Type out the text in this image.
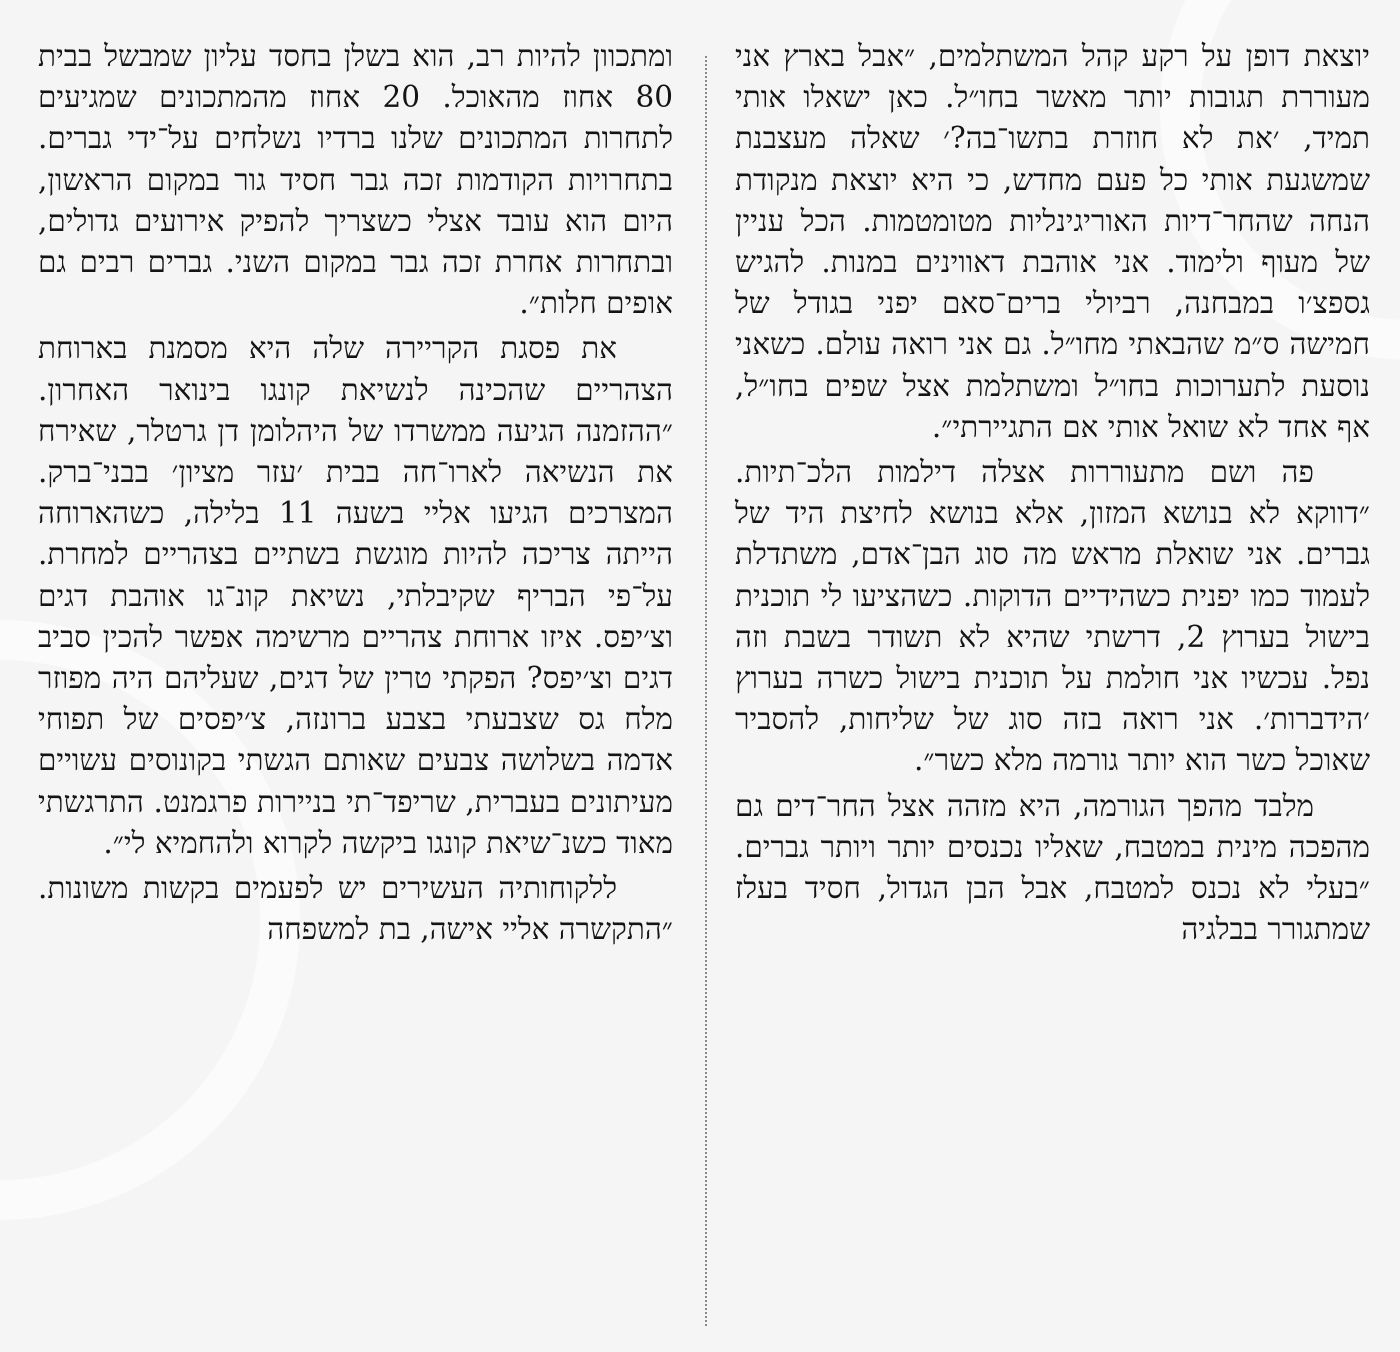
יוצאת דופן על רקע קהל המשתלמים, ״אבל בארץ אני מעוררת תגובות יותר מאשר בחו״ל. כאן ישאלו אותי תמיד, ׳את לא חוזרת בתשו־בה?׳ שאלה מעצבנת שמשגעת אותי כל פעם מחדש, כי היא יוצאת מנקודת הנחה שהחר־דיות האוריגינליות מטומטמות. הכל עניין של מעוף ולימוד. אני אוהבת דאווינים במנות. להגיש גספצ׳ו במבחנה, רביולי ברים־סאם יפני בגודל של חמישה ס״מ שהבאתי מחו״ל. גם אני רואה עולם. כשאני נוסעת לתערוכות בחו״ל ומשתלמת אצל שפים בחו״ל, אף אחד לא שואל אותי אם התגיירתי״.

פה ושם מתעוררות אצלה דילמות הלכ־תיות. ״דווקא לא בנושא המזון, אלא בנושא לחיצת היד של גברים. אני שואלת מראש מה סוג הבן־אדם, משתדלת לעמוד כמו יפנית כשהידיים הדוקות. כשהציעו לי תוכנית בישול בערוץ 2, דרשתי שהיא לא תשודר בשבת וזה נפל. עכשיו אני חולמת על תוכנית בישול כשרה בערוץ ׳הידברות׳. אני רואה בזה סוג של שליחות, להסביר שאוכל כשר הוא יותר גורמה מלא כשר״.

מלבד מהפך הגורמה, היא מזהה אצל החר־דים גם מהפכה מינית במטבח, שאליו נכנסים יותר ויותר גברים. ״בעלי לא נכנס למטבח, אבל הבן הגדול, חסיד בעלז שמתגורר בבלגיה

ומתכוון להיות רב, הוא בשלן בחסד עליון שמבשל בבית 80 אחוז מהאוכל. 20 אחוז מהמתכונים שמגיעים לתחרות המתכונים שלנו ברדיו נשלחים על־ידי גברים. בתחרויות הקודמות זכה גבר חסיד גור במקום הראשון, היום הוא עובד אצלי כשצריך להפיק אירועים גדולים, ובתחרות אחרת זכה גבר במקום השני. גברים רבים גם אופים חלות״.

את פסגת הקריירה שלה היא מסמנת בארוחת הצהריים שהכינה לנשיאת קונגו בינואר האחרון. ״ההזמנה הגיעה ממשרדו של היהלומן דן גרטלר, שאירח את הנשיאה לארו־חה בבית ׳עזר מציון׳ בבני־ברק. המצרכים הגיעו אליי בשעה 11 בלילה, כשהארוחה הייתה צריכה להיות מוגשת בשתיים בצהריים למחרת. על־פי הבריף שקיבלתי, נשיאת קונ־גו אוהבת דגים וצ׳יפס. איזו ארוחת צהריים מרשימה אפשר להכין סביב דגים וצ׳יפס? הפקתי טרין של דגים, שעליהם היה מפוזר מלח גס שצבעתי בצבע ברונזה, צ׳יפסים של תפוחי אדמה בשלושה צבעים שאותם הגשתי בקונוסים עשויים מעיתונים בעברית, שריפד־תי בניירות פרגמנט. התרגשתי מאוד כשנ־שיאת קונגו ביקשה לקרוא ולהחמיא לי״.

ללקוחותיה העשירים יש לפעמים בקשות משונות. ״התקשרה אליי אישה, בת למשפחה
